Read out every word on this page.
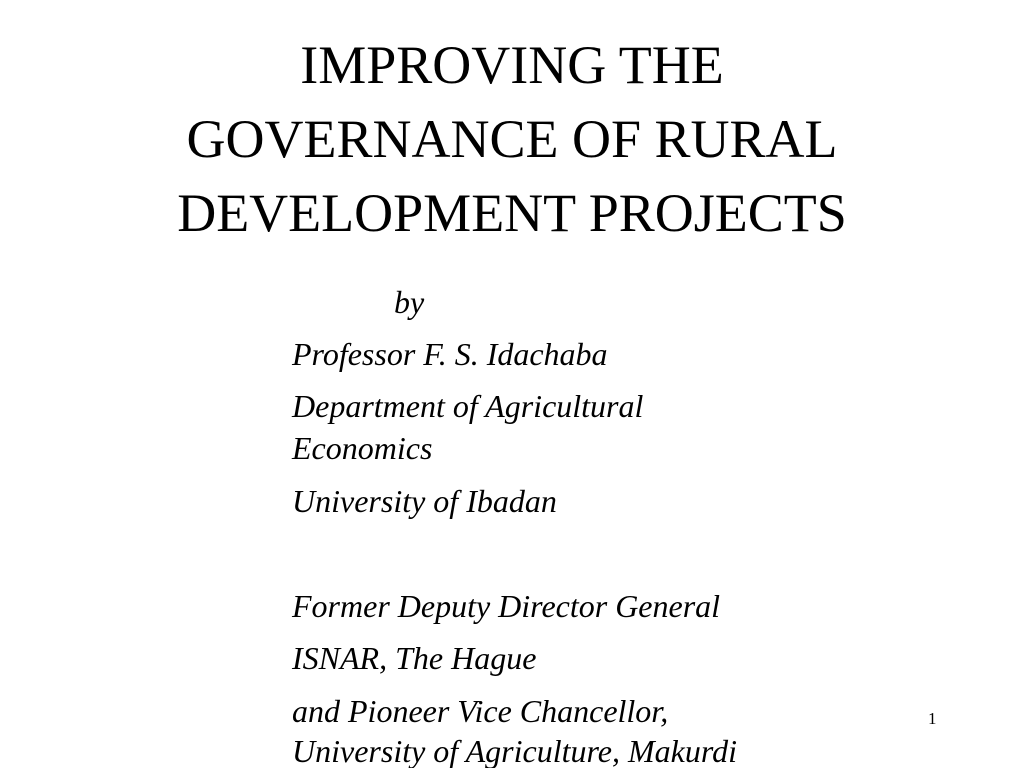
IMPROVING THE
GOVERNANCE OF RURAL
DEVELOPMENT PROJECTS
by
Professor F. S. Idachaba
Department of Agricultural
Economics
University of Ibadan
Former Deputy Director General
ISNAR, The Hague
and Pioneer Vice Chancellor,
University of Agriculture, Makurdi
1
